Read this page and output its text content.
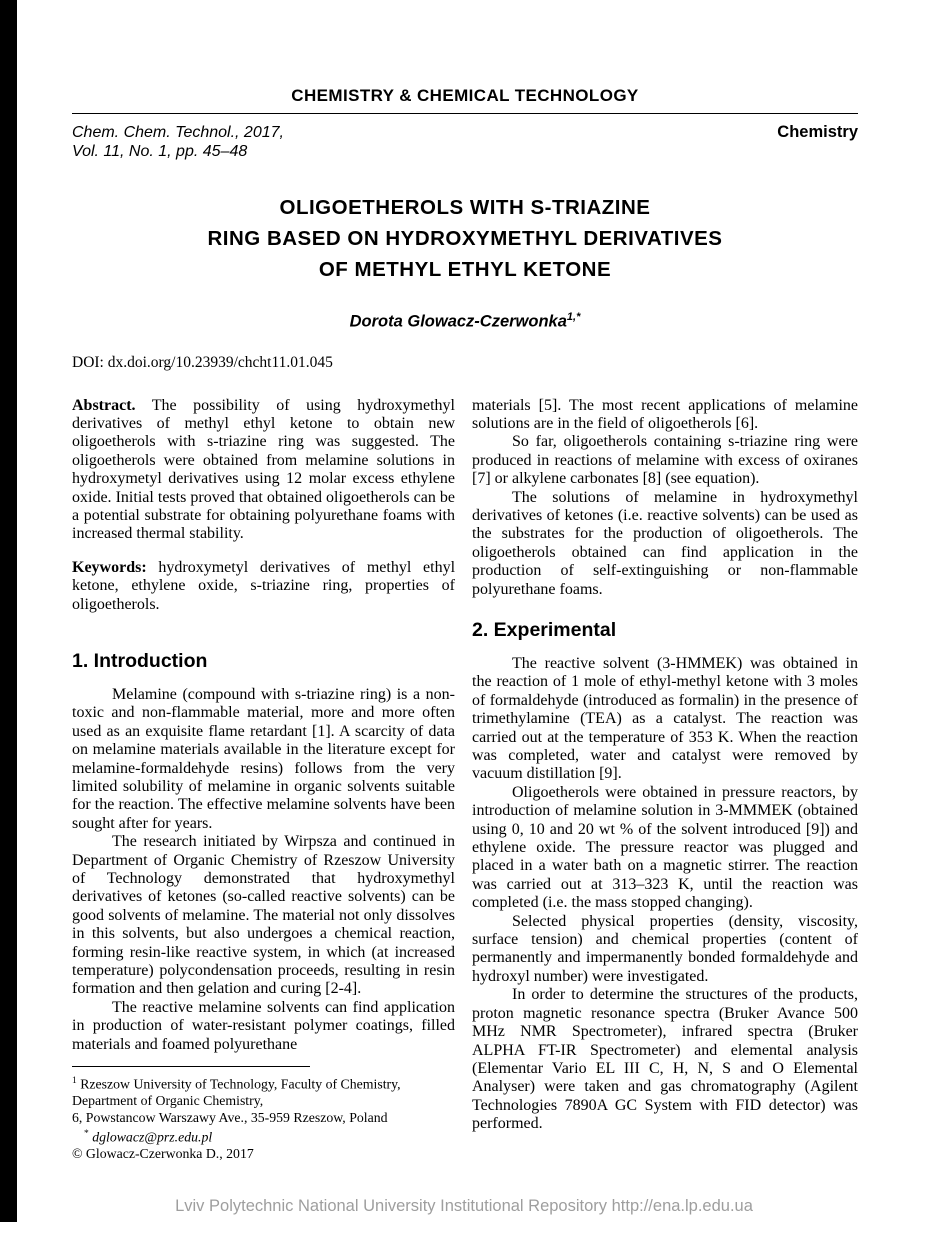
CHEMISTRY & CHEMICAL TECHNOLOGY
Chem. Chem. Technol., 2017,
Vol. 11, No. 1, pp. 45–48
Chemistry
OLIGOETHEROLS WITH S-TRIAZINE
RING BASED ON HYDROXYMETHYL DERIVATIVES
OF METHYL ETHYL KETONE
Dorota Glowacz-Czerwonka$^{1,*}$
DOI: dx.doi.org/10.23939/chcht11.01.045

Abstract. The possibility of using hydroxymethyl derivatives of methyl ethyl ketone to obtain new oligoetherols with s-triazine ring was suggested. The oligoetherols were obtained from melamine solutions in hydroxymetyl derivatives using 12 molar excess ethylene oxide. Initial tests proved that obtained oligoetherols can be a potential substrate for obtaining polyurethane foams with increased thermal stability.

Keywords: hydroxymetyl derivatives of methyl ethyl ketone, ethylene oxide, s-triazine ring, properties of oligoetherols.

1. Introduction

Melamine (compound with s-triazine ring) is a non-toxic and non-flammable material, more and more often used as an exquisite flame retardant [1]. A scarcity of data on melamine materials available in the literature except for melamine-formaldehyde resins) follows from the very limited solubility of melamine in organic solvents suitable for the reaction. The effective melamine solvents have been sought after for years.

The research initiated by Wirpsza and continued in Department of Organic Chemistry of Rzeszow University of Technology demonstrated that hydroxymethyl derivatives of ketones (so-called reactive solvents) can be good solvents of melamine. The material not only dissolves in this solvents, but also undergoes a chemical reaction, forming resin-like reactive system, in which (at increased temperature) polycondensation proceeds, resulting in resin formation and then gelation and curing [2-4].

The reactive melamine solvents can find application in production of water-resistant polymer coatings, filled materials and foamed polyurethane

$^1$ Rzeszow University of Technology, Faculty of Chemistry,
Department of Organic Chemistry,
6, Powstancow Warszawy Ave., 35-959 Rzeszow, Poland
* dglowacz@prz.edu.pl
© Glowacz-Czerwonka D., 2017

materials [5]. The most recent applications of melamine solutions are in the field of oligoetherols [6].

So far, oligoetherols containing s-triazine ring were produced in reactions of melamine with excess of oxiranes [7] or alkylene carbonates [8] (see equation).

The solutions of melamine in hydroxymethyl derivatives of ketones (i.e. reactive solvents) can be used as the substrates for the production of oligoetherols. The oligoetherols obtained can find application in the production of self-extinguishing or non-flammable polyurethane foams.

2. Experimental

The reactive solvent (3-HMMEK) was obtained in the reaction of 1 mole of ethyl-methyl ketone with 3 moles of formaldehyde (introduced as formalin) in the presence of trimethylamine (TEA) as a catalyst. The reaction was carried out at the temperature of 353 K. When the reaction was completed, water and catalyst were removed by vacuum distillation [9].

Oligoetherols were obtained in pressure reactors, by introduction of melamine solution in 3-MMMEK (obtained using 0, 10 and 20 wt % of the solvent introduced [9]) and ethylene oxide. The pressure reactor was plugged and placed in a water bath on a magnetic stirrer. The reaction was carried out at 313–323 K, until the reaction was completed (i.e. the mass stopped changing).

Selected physical properties (density, viscosity, surface tension) and chemical properties (content of permanently and impermanently bonded formaldehyde and hydroxyl number) were investigated.

In order to determine the structures of the products, proton magnetic resonance spectra (Bruker Avance 500 MHz NMR Spectrometer), infrared spectra (Bruker ALPHA FT-IR Spectrometer) and elemental analysis (Elementar Vario EL III C, H, N, S and O Elemental Analyser) were taken and gas chromatography (Agilent Technologies 7890A GC System with FID detector) was performed.

Lviv Polytechnic National University Institutional Repository http://ena.lp.edu.ua
